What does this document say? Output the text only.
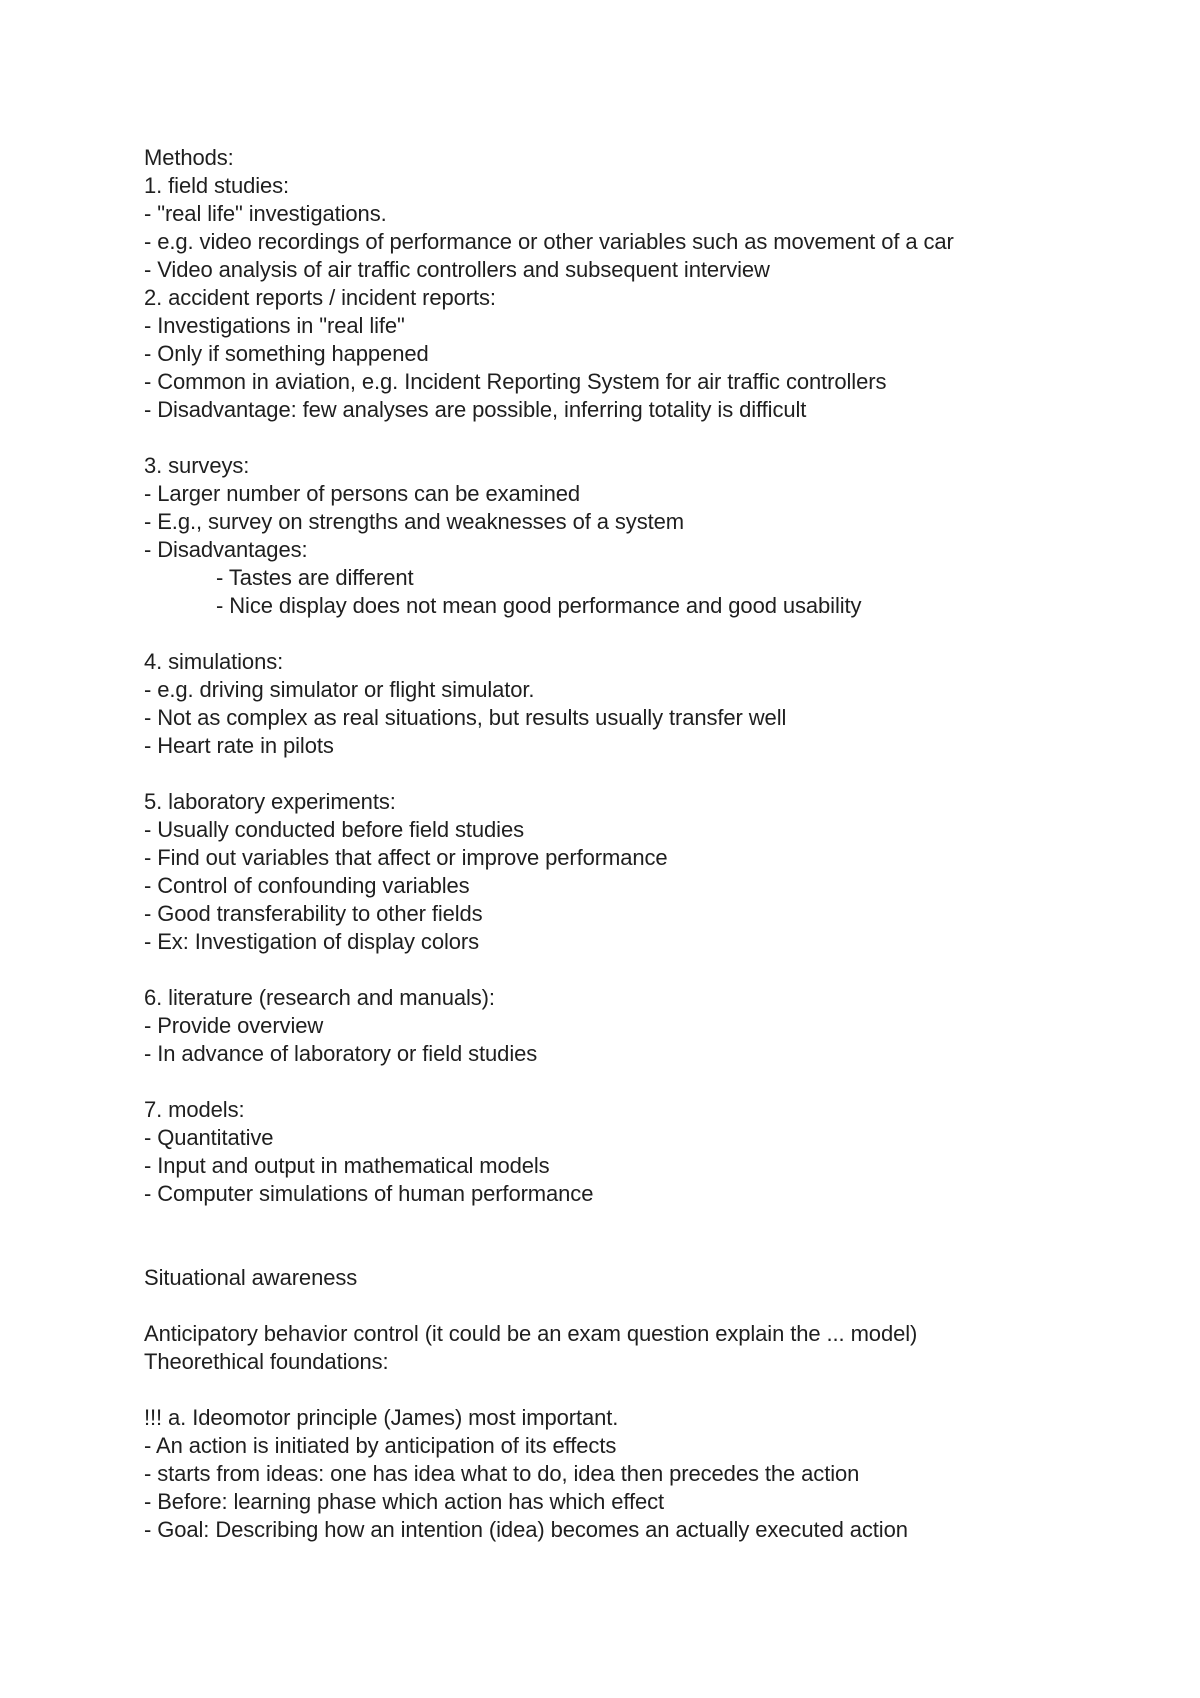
Methods:
1. field studies:
- "real life" investigations.
- e.g. video recordings of performance or other variables such as movement of a car
- Video analysis of air traffic controllers and subsequent interview
2. accident reports / incident reports:
- Investigations in "real life"
- Only if something happened
- Common in aviation, e.g. Incident Reporting System for air traffic controllers
- Disadvantage: few analyses are possible, inferring totality is difficult
3. surveys:
- Larger number of persons can be examined
- E.g., survey on strengths and weaknesses of a system
- Disadvantages:
- Tastes are different
- Nice display does not mean good performance and good usability
4. simulations:
- e.g. driving simulator or flight simulator.
- Not as complex as real situations, but results usually transfer well
- Heart rate in pilots
5. laboratory experiments:
- Usually conducted before field studies
- Find out variables that affect or improve performance
- Control of confounding variables
- Good transferability to other fields
- Ex: Investigation of display colors
6. literature (research and manuals):
- Provide overview
- In advance of laboratory or field studies
7. models:
- Quantitative
- Input and output in mathematical models
- Computer simulations of human performance
Situational awareness
Anticipatory behavior control (it could be an exam question explain the ... model)
Theorethical foundations:
!!! a. Ideomotor principle (James) most important.
- An action is initiated by anticipation of its effects
- starts from ideas: one has idea what to do, idea then precedes the action
- Before: learning phase which action has which effect
- Goal: Describing how an intention (idea) becomes an actually executed action
